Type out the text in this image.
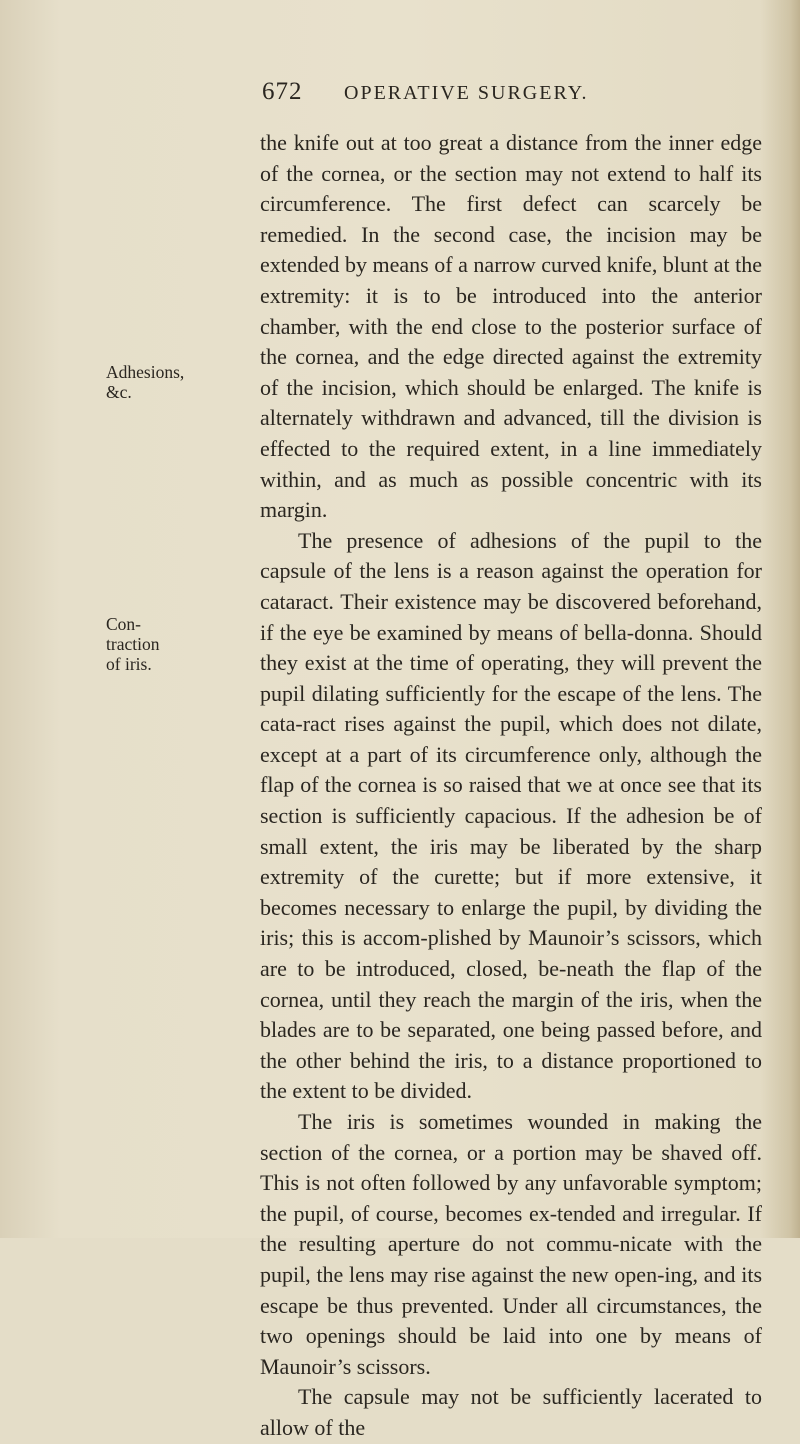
672 OPERATIVE SURGERY.
Adhesions,
&c.
Con-
traction
of iris.

the knife out at too great a distance from the inner edge of the cornea, or the section may not extend to half its circumference. The first defect can scarcely be remedied. In the second case, the incision may be extended by means of a narrow curved knife, blunt at the extremity: it is to be introduced into the anterior chamber, with the end close to the posterior surface of the cornea, and the edge directed against the extremity of the incision, which should be enlarged. The knife is alternately withdrawn and advanced, till the division is effected to the required extent, in a line immediately within, and as much as possible concentric with its margin.

The presence of adhesions of the pupil to the capsule of the lens is a reason against the operation for cataract. Their existence may be discovered beforehand, if the eye be examined by means of bella-donna. Should they exist at the time of operating, they will prevent the pupil dilating sufficiently for the escape of the lens. The cata-ract rises against the pupil, which does not dilate, except at a part of its circumference only, although the flap of the cornea is so raised that we at once see that its section is sufficiently capacious. If the adhesion be of small extent, the iris may be liberated by the sharp extremity of the curette; but if more extensive, it becomes necessary to enlarge the pupil, by dividing the iris; this is accom-plished by Maunoir’s scissors, which are to be introduced, closed, be-neath the flap of the cornea, until they reach the margin of the iris, when the blades are to be separated, one being passed before, and the other behind the iris, to a distance proportioned to the extent to be divided.

The iris is sometimes wounded in making the section of the cornea, or a portion may be shaved off. This is not often followed by any unfavorable symptom; the pupil, of course, becomes ex-tended and irregular. If the resulting aperture do not commu-nicate with the pupil, the lens may rise against the new open-ing, and its escape be thus prevented. Under all circumstances, the two openings should be laid into one by means of Maunoir’s scissors.

The capsule may not be sufficiently lacerated to allow of the
